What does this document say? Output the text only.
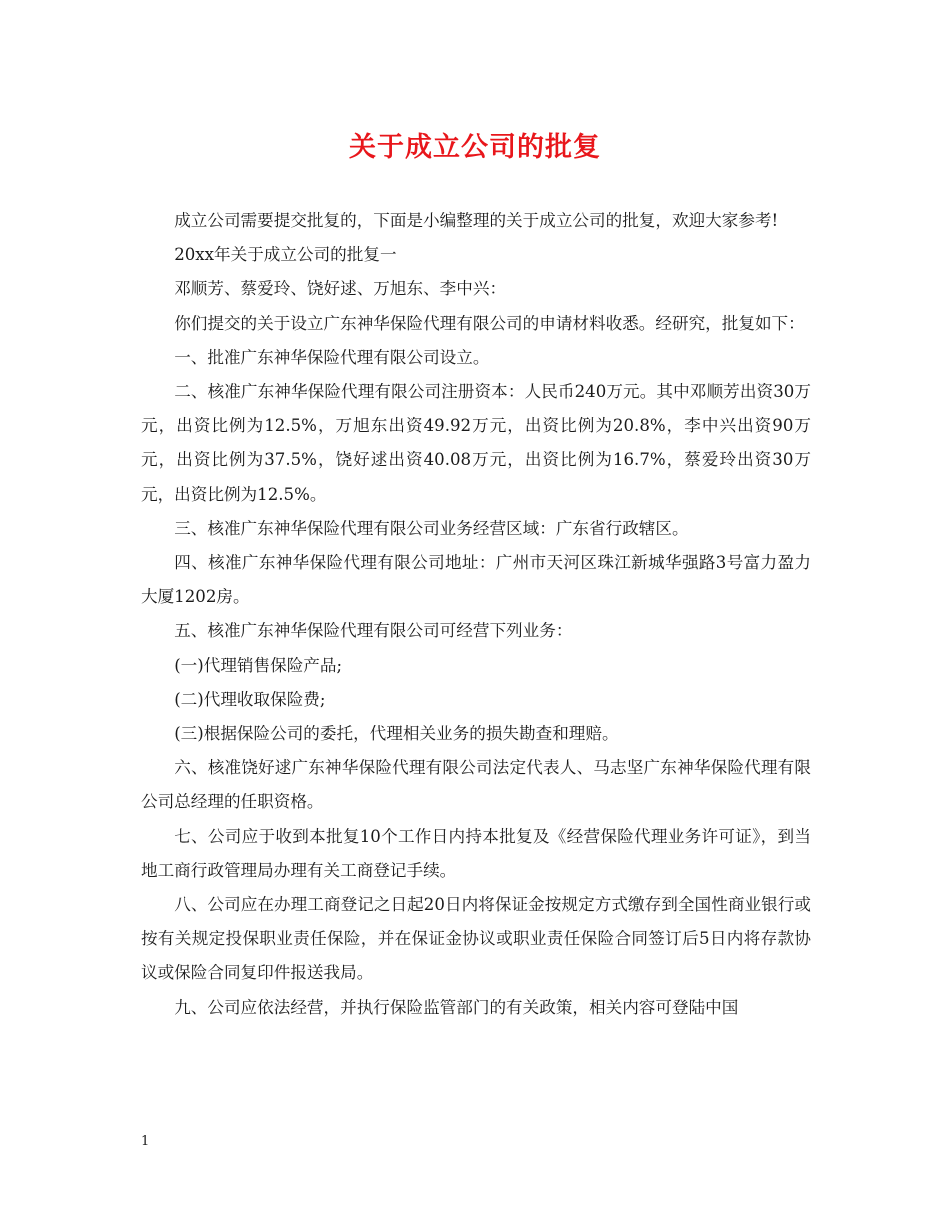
关于成立公司的批复

成立公司需要提交批复的，下面是小编整理的关于成立公司的批复，欢迎大家参考!

20xx年关于成立公司的批复一

邓顺芳、蔡爱玲、饶好逑、万旭东、李中兴：

你们提交的关于设立广东神华保险代理有限公司的申请材料收悉。经研究，批复如下：

一、批准广东神华保险代理有限公司设立。

二、核准广东神华保险代理有限公司注册资本：人民币240万元。其中邓顺芳出资30万元，出资比例为12.5%，万旭东出资49.92万元，出资比例为20.8%，李中兴出资90万元，出资比例为37.5%，饶好逑出资40.08万元，出资比例为16.7%，蔡爱玲出资30万元，出资比例为12.5%。

三、核准广东神华保险代理有限公司业务经营区域：广东省行政辖区。

四、核准广东神华保险代理有限公司地址：广州市天河区珠江新城华强路3号富力盈力大厦1202房。

五、核准广东神华保险代理有限公司可经营下列业务：

(一)代理销售保险产品;

(二)代理收取保险费;

(三)根据保险公司的委托，代理相关业务的损失勘查和理赔。

六、核准饶好逑广东神华保险代理有限公司法定代表人、马志坚广东神华保险代理有限公司总经理的任职资格。

七、公司应于收到本批复10个工作日内持本批复及《经营保险代理业务许可证》，到当地工商行政管理局办理有关工商登记手续。

八、公司应在办理工商登记之日起20日内将保证金按规定方式缴存到全国性商业银行或按有关规定投保职业责任保险，并在保证金协议或职业责任保险合同签订后5日内将存款协议或保险合同复印件报送我局。

九、公司应依法经营，并执行保险监管部门的有关政策，相关内容可登陆中国

1
